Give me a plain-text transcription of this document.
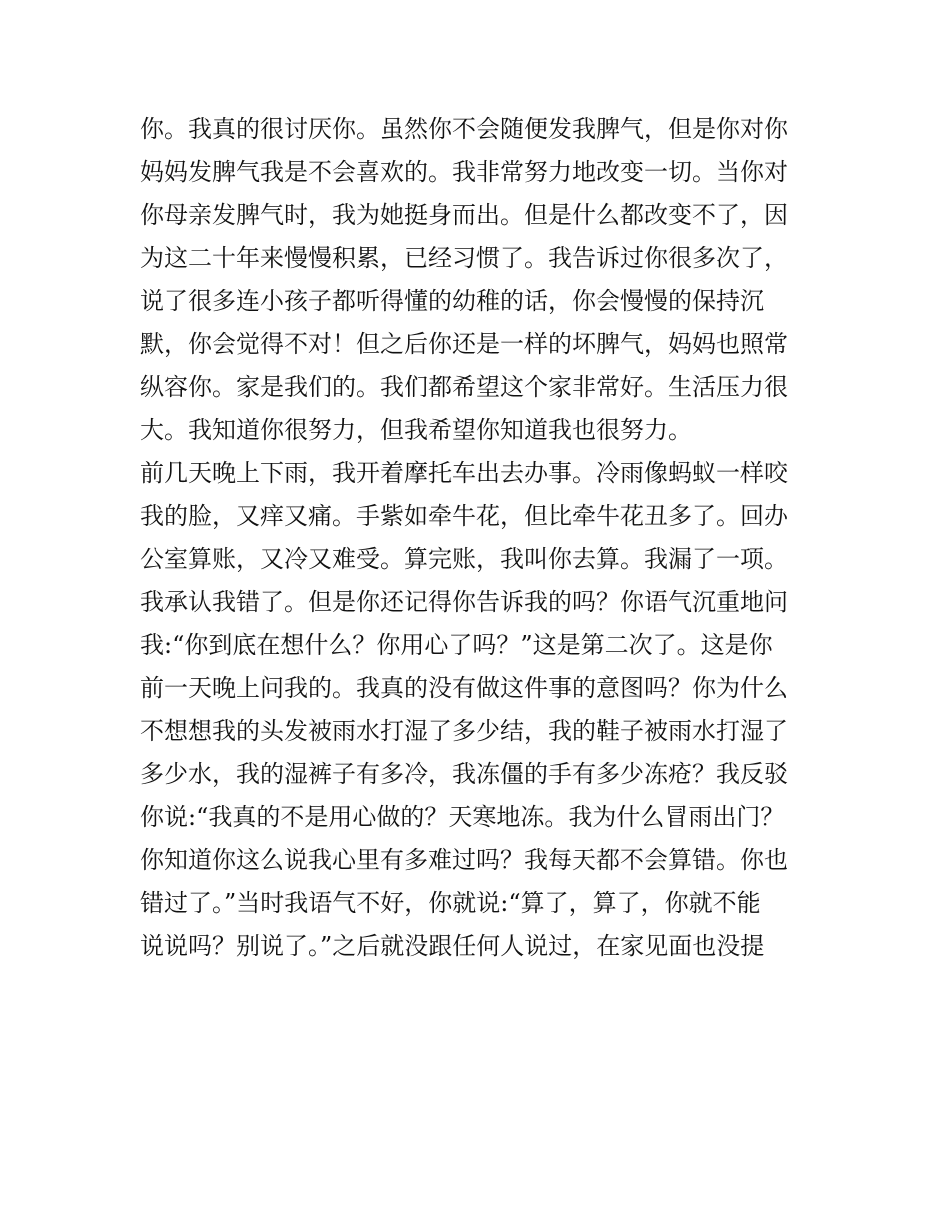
你。我真的很讨厌你。虽然你不会随便发我脾气，但是你对你
妈妈发脾气我是不会喜欢的。我非常努力地改变一切。当你对
你母亲发脾气时，我为她挺身而出。但是什么都改变不了，因
为这二十年来慢慢积累，已经习惯了。我告诉过你很多次了，
说了很多连小孩子都听得懂的幼稚的话，你会慢慢的保持沉
默，你会觉得不对！但之后你还是一样的坏脾气，妈妈也照常
纵容你。家是我们的。我们都希望这个家非常好。生活压力很
大。我知道你很努力，但我希望你知道我也很努力。
前几天晚上下雨，我开着摩托车出去办事。冷雨像蚂蚁一样咬
我的脸，又痒又痛。手紫如牵牛花，但比牵牛花丑多了。回办
公室算账，又冷又难受。算完账，我叫你去算。我漏了一项。
我承认我错了。但是你还记得你告诉我的吗？你语气沉重地问
我:“你到底在想什么？你用心了吗？”这是第二次了。这是你
前一天晚上问我的。我真的没有做这件事的意图吗？你为什么
不想想我的头发被雨水打湿了多少结，我的鞋子被雨水打湿了
多少水，我的湿裤子有多冷，我冻僵的手有多少冻疮？我反驳
你说:“我真的不是用心做的？天寒地冻。我为什么冒雨出门？
你知道你这么说我心里有多难过吗？我每天都不会算错。你也
错过了。”当时我语气不好，你就说:“算了，算了，你就不能
说说吗？别说了。”之后就没跟任何人说过，在家见面也没提
